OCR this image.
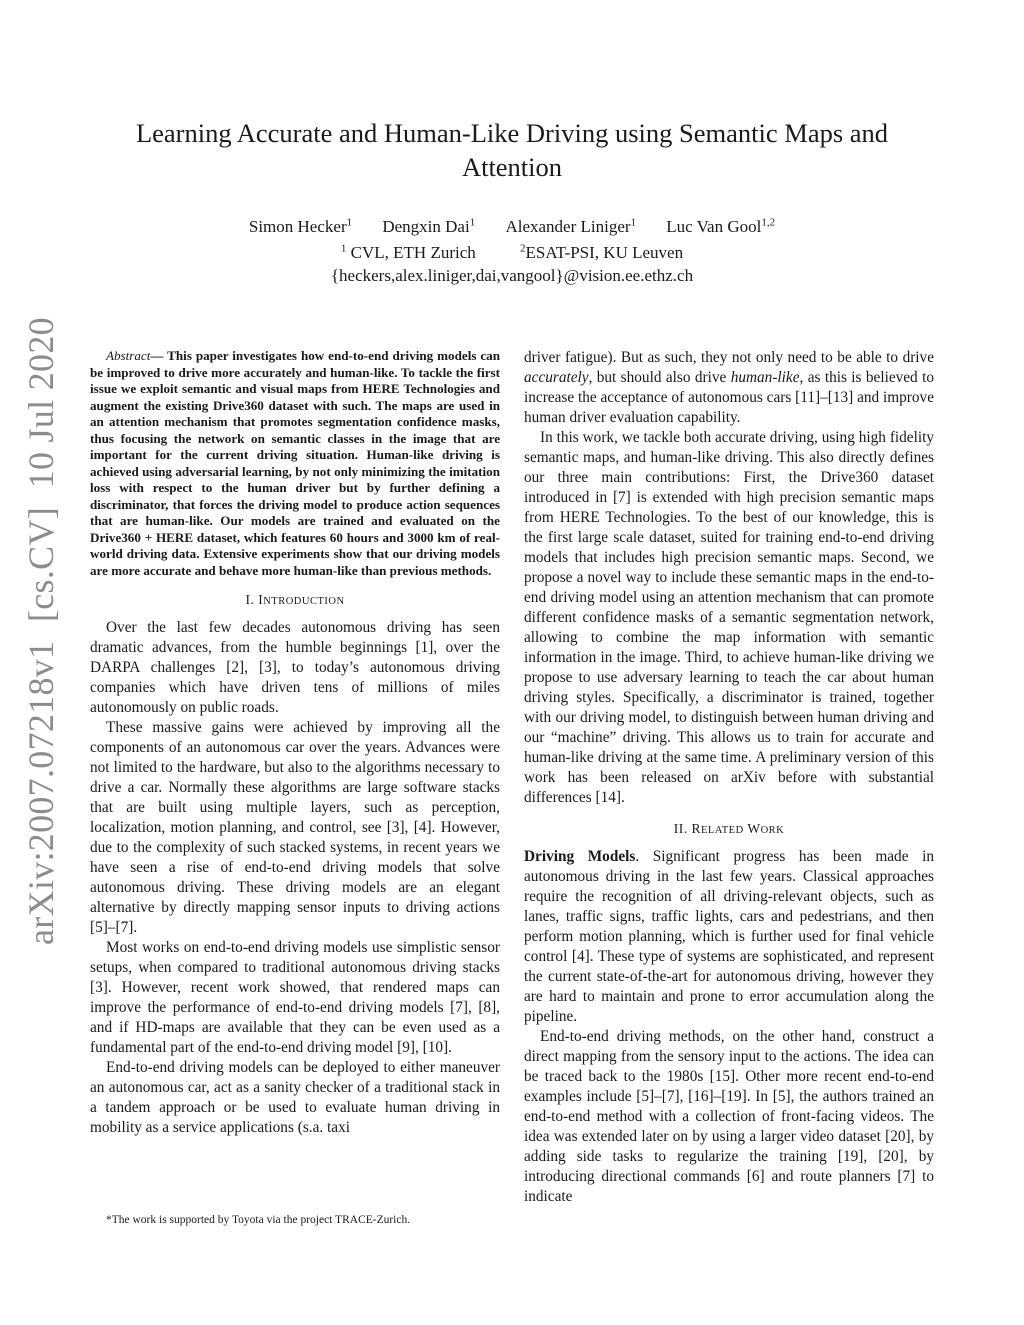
Learning Accurate and Human-Like Driving using Semantic Maps and Attention
Simon Hecker$^1$ Dengxin Dai$^1$ Alexander Liniger$^1$ Luc Van Gool$^{1,2}$
$^1$ CVL, ETH Zurich	$^2$ESAT-PSI, KU Leuven
{heckers,alex.liniger,dai,vangool}@vision.ee.ethz.ch
arXiv:2007.07218v1  [cs.CV]  10 Jul 2020	Abstract— This paper investigates how end-to-end driving models can be improved to drive more accurately and human-like. To tackle the first issue we exploit semantic and visual maps from HERE Technologies and augment the existing Drive360 dataset with such. The maps are used in an attention mechanism that promotes segmentation confidence masks, thus focusing the network on semantic classes in the image that are important for the current driving situation. Human-like driving is achieved using adversarial learning, by not only minimizing the imitation loss with respect to the human driver but by further defining a discriminator, that forces the driving model to produce action sequences that are human-like. Our models are trained and evaluated on the Drive360 + HERE dataset, which features 60 hours and 3000 km of real-world driving data. Extensive experiments show that our driving models are more accurate and behave more human-like than previous methods.

I. INTRODUCTION

Over the last few decades autonomous driving has seen dramatic advances, from the humble beginnings [1], over the DARPA challenges [2], [3], to today’s autonomous driving companies which have driven tens of millions of miles autonomously on public roads.

These massive gains were achieved by improving all the components of an autonomous car over the years. Advances were not limited to the hardware, but also to the algorithms necessary to drive a car. Normally these algorithms are large software stacks that are built using multiple layers, such as perception, localization, motion planning, and control, see [3], [4]. However, due to the complexity of such stacked systems, in recent years we have seen a rise of end-to-end driving models that solve autonomous driving. These driving models are an elegant alternative by directly mapping sensor inputs to driving actions [5]–[7].

Most works on end-to-end driving models use simplistic sensor setups, when compared to traditional autonomous driving stacks [3]. However, recent work showed, that rendered maps can improve the performance of end-to-end driving models [7], [8], and if HD-maps are available that they can be even used as a fundamental part of the end-to-end driving model [9], [10].

End-to-end driving models can be deployed to either maneuver an autonomous car, act as a sanity checker of a traditional stack in a tandem approach or be used to evaluate human driving in mobility as a service applications (s.a. taxi

*The work is supported by Toyota via the project TRACE-Zurich.

driver fatigue). But as such, they not only need to be able to drive accurately, but should also drive human-like, as this is believed to increase the acceptance of autonomous cars [11]–[13] and improve human driver evaluation capability.

In this work, we tackle both accurate driving, using high fidelity semantic maps, and human-like driving. This also directly defines our three main contributions: First, the Drive360 dataset introduced in [7] is extended with high precision semantic maps from HERE Technologies. To the best of our knowledge, this is the first large scale dataset, suited for training end-to-end driving models that includes high precision semantic maps. Second, we propose a novel way to include these semantic maps in the end-to-end driving model using an attention mechanism that can promote different confidence masks of a semantic segmentation network, allowing to combine the map information with semantic information in the image. Third, to achieve human-like driving we propose to use adversary learning to teach the car about human driving styles. Specifically, a discriminator is trained, together with our driving model, to distinguish between human driving and our “machine” driving. This allows us to train for accurate and human-like driving at the same time. A preliminary version of this work has been released on arXiv before with substantial differences [14].

II. RELATED WORK

Driving Models. Significant progress has been made in autonomous driving in the last few years. Classical approaches require the recognition of all driving-relevant objects, such as lanes, traffic signs, traffic lights, cars and pedestrians, and then perform motion planning, which is further used for final vehicle control [4]. These type of systems are sophisticated, and represent the current state-of-the-art for autonomous driving, however they are hard to maintain and prone to error accumulation along the pipeline.

End-to-end driving methods, on the other hand, construct a direct mapping from the sensory input to the actions. The idea can be traced back to the 1980s [15]. Other more recent end-to-end examples include [5]–[7], [16]–[19]. In [5], the authors trained an end-to-end method with a collection of front-facing videos. The idea was extended later on by using a larger video dataset [20], by adding side tasks to regularize the training [19], [20], by introducing directional commands [6] and route planners [7] to indicate
